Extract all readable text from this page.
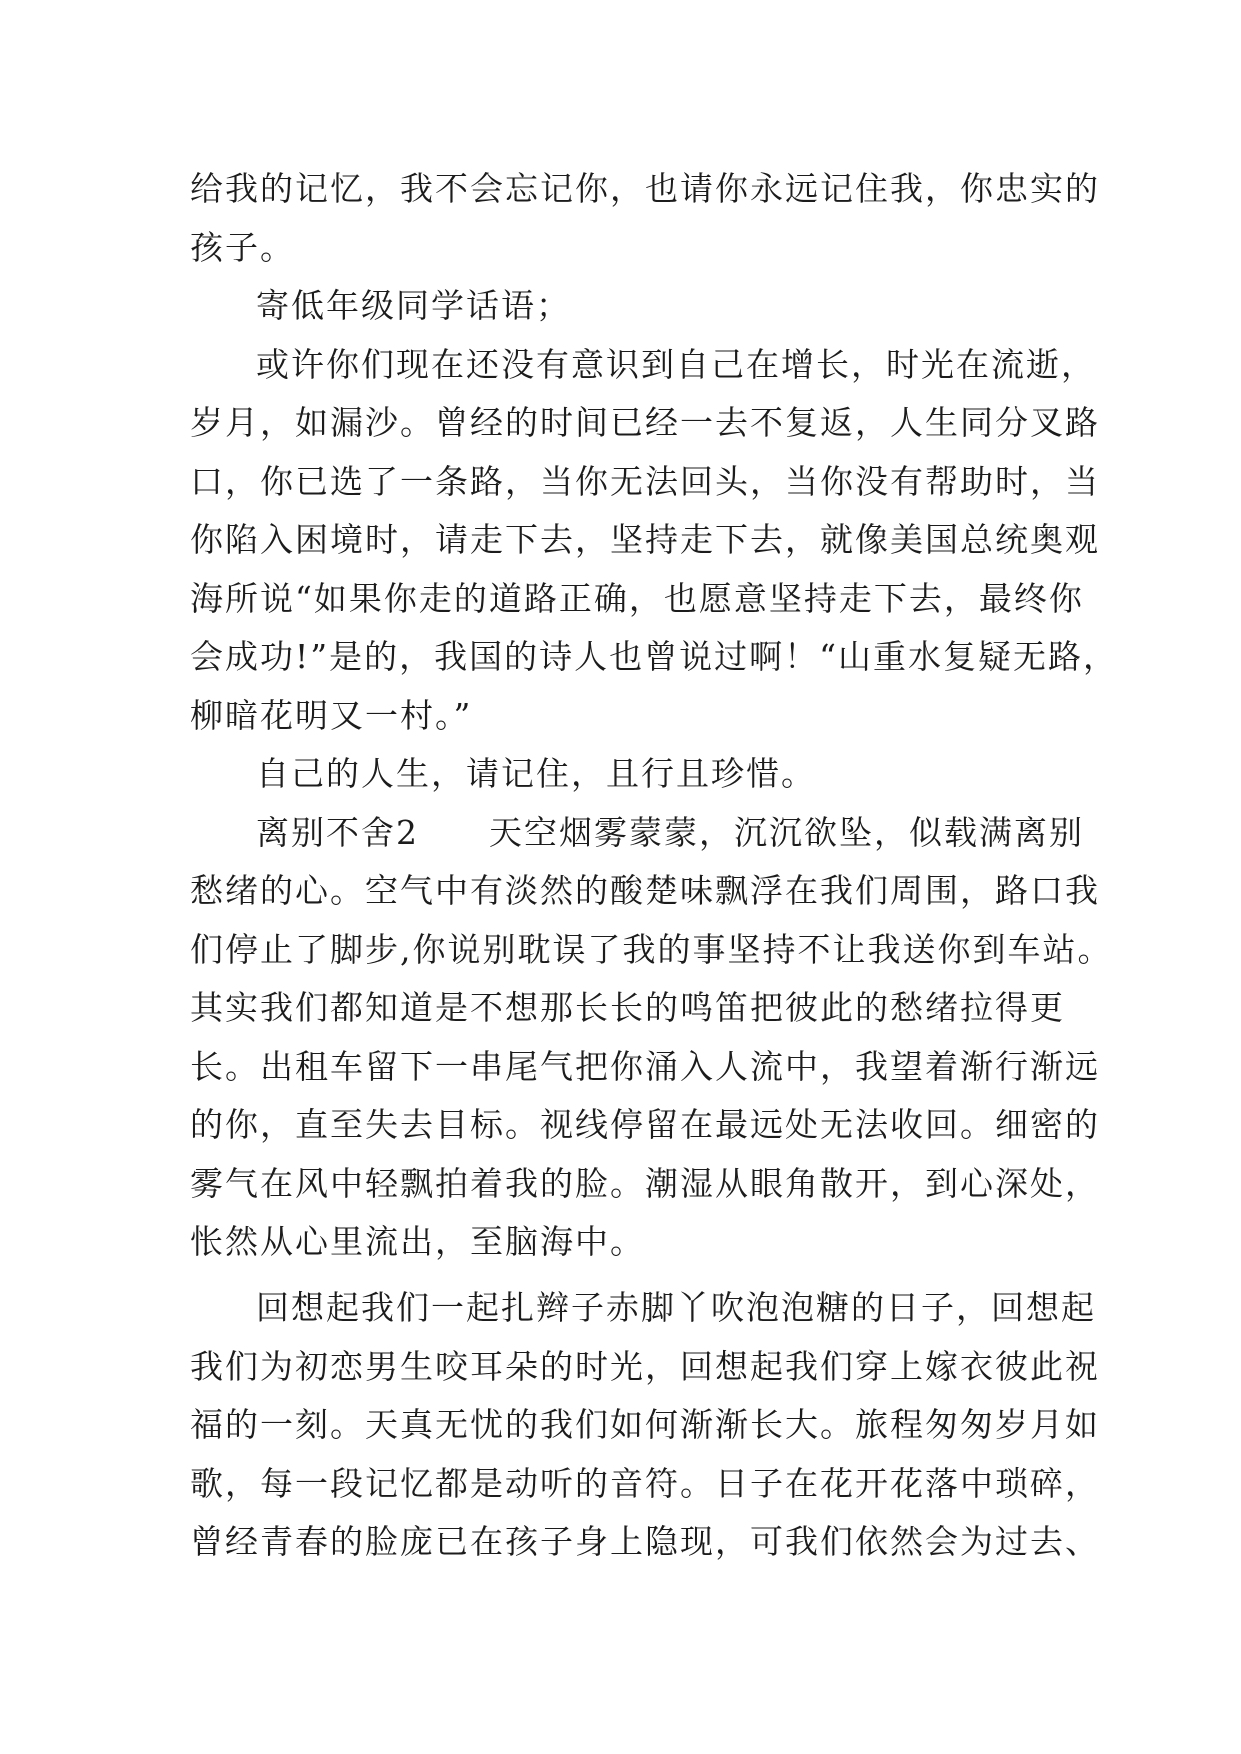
给我的记忆，我不会忘记你，也请你永远记住我，你忠实的
孩子。
寄低年级同学话语；
或许你们现在还没有意识到自己在增长，时光在流逝，
岁月，如漏沙。曾经的时间已经一去不复返，人生同分叉路
口，你已选了一条路，当你无法回头，当你没有帮助时，当
你陷入困境时，请走下去，坚持走下去，就像美国总统奥观
海所说“如果你走的道路正确，也愿意坚持走下去，最终你
会成功!”是的，我国的诗人也曾说过啊！“山重水复疑无路，
柳暗花明又一村。”
自己的人生，请记住，且行且珍惜。
离别不舍2　　天空烟雾蒙蒙，沉沉欲坠，似载满离别
愁绪的心。空气中有淡然的酸楚味飘浮在我们周围，路口我
们停止了脚步,你说别耽误了我的事坚持不让我送你到车站。
其实我们都知道是不想那长长的鸣笛把彼此的愁绪拉得更
长。出租车留下一串尾气把你涌入人流中，我望着渐行渐远
的你，直至失去目标。视线停留在最远处无法收回。细密的
雾气在风中轻飘拍着我的脸。潮湿从眼角散开，到心深处，
怅然从心里流出，至脑海中。
回想起我们一起扎辫子赤脚丫吹泡泡糖的日子，回想起
我们为初恋男生咬耳朵的时光，回想起我们穿上嫁衣彼此祝
福的一刻。天真无忧的我们如何渐渐长大。旅程匆匆岁月如
歌，每一段记忆都是动听的音符。日子在花开花落中琐碎，
曾经青春的脸庞已在孩子身上隐现，可我们依然会为过去、
